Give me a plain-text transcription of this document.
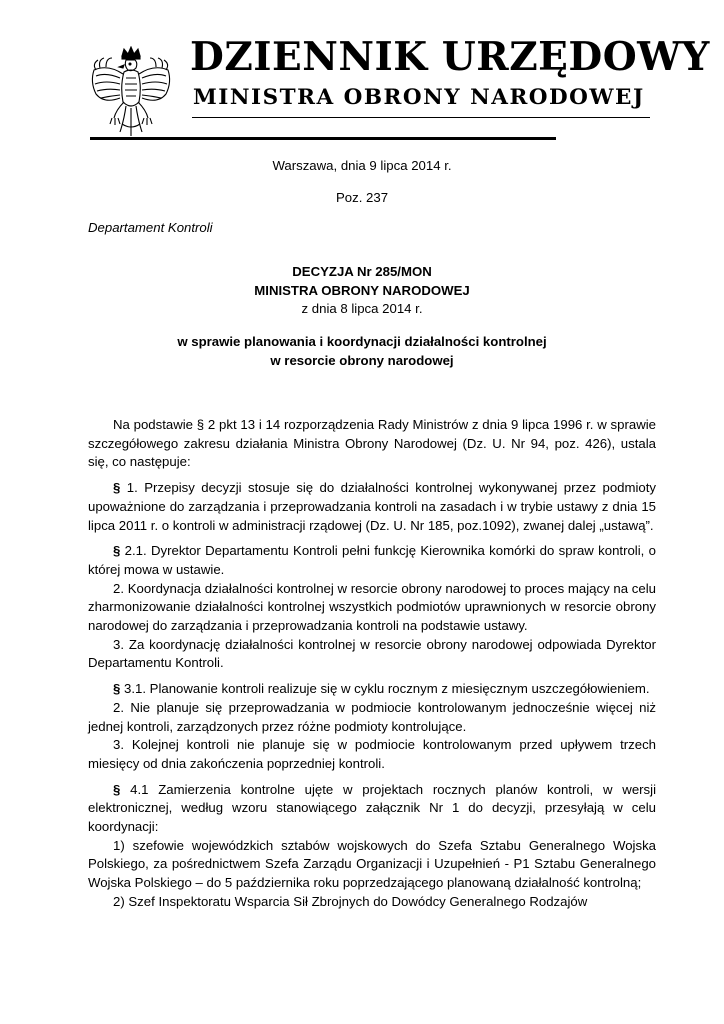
DZIENNIK URZĘDOWY
MINISTRA OBRONY NARODOWEJ
Warszawa, dnia 9 lipca 2014 r.
Poz. 237
Departament Kontroli
DECYZJA Nr 285/MON
MINISTRA OBRONY NARODOWEJ
z dnia 8 lipca 2014 r.
w sprawie planowania i koordynacji działalności kontrolnej
w resorcie obrony narodowej

Na podstawie § 2 pkt 13 i 14 rozporządzenia Rady Ministrów z dnia 9 lipca 1996 r. w sprawie szczegółowego zakresu działania Ministra Obrony Narodowej (Dz. U. Nr 94, poz. 426), ustala się, co następuje:

§ 1. Przepisy decyzji stosuje się do działalności kontrolnej wykonywanej przez podmioty upoważnione do zarządzania i przeprowadzania kontroli na zasadach i w trybie ustawy z dnia 15 lipca 2011 r. o kontroli w administracji rządowej (Dz. U. Nr 185, poz.1092), zwanej dalej „ustawą”.

§ 2.1. Dyrektor Departamentu Kontroli pełni funkcję Kierownika komórki do spraw kontroli, o której mowa w ustawie.

2. Koordynacja działalności kontrolnej w resorcie obrony narodowej to proces mający na celu zharmonizowanie działalności kontrolnej wszystkich podmiotów uprawnionych w resorcie obrony narodowej do zarządzania i przeprowadzania kontroli na podstawie ustawy.

3. Za koordynację działalności kontrolnej w resorcie obrony narodowej odpowiada Dyrektor Departamentu Kontroli.

§ 3.1. Planowanie kontroli realizuje się w cyklu rocznym z miesięcznym uszczegółowieniem.

2. Nie planuje się przeprowadzania w podmiocie kontrolowanym jednocześnie więcej niż jednej kontroli, zarządzonych przez różne podmioty kontrolujące.

3. Kolejnej kontroli nie planuje się w podmiocie kontrolowanym przed upływem trzech miesięcy od dnia zakończenia poprzedniej kontroli.

§ 4.1 Zamierzenia kontrolne ujęte w projektach rocznych planów kontroli, w wersji elektronicznej, według wzoru stanowiącego załącznik Nr 1 do decyzji, przesyłają w celu koordynacji:

1) szefowie wojewódzkich sztabów wojskowych do Szefa Sztabu Generalnego Wojska Polskiego, za pośrednictwem Szefa Zarządu Organizacji i Uzupełnień - P1 Sztabu Generalnego Wojska Polskiego – do 5 października roku poprzedzającego planowaną działalność kontrolną;

2) Szef Inspektoratu Wsparcia Sił Zbrojnych do Dowódcy Generalnego Rodzajów
